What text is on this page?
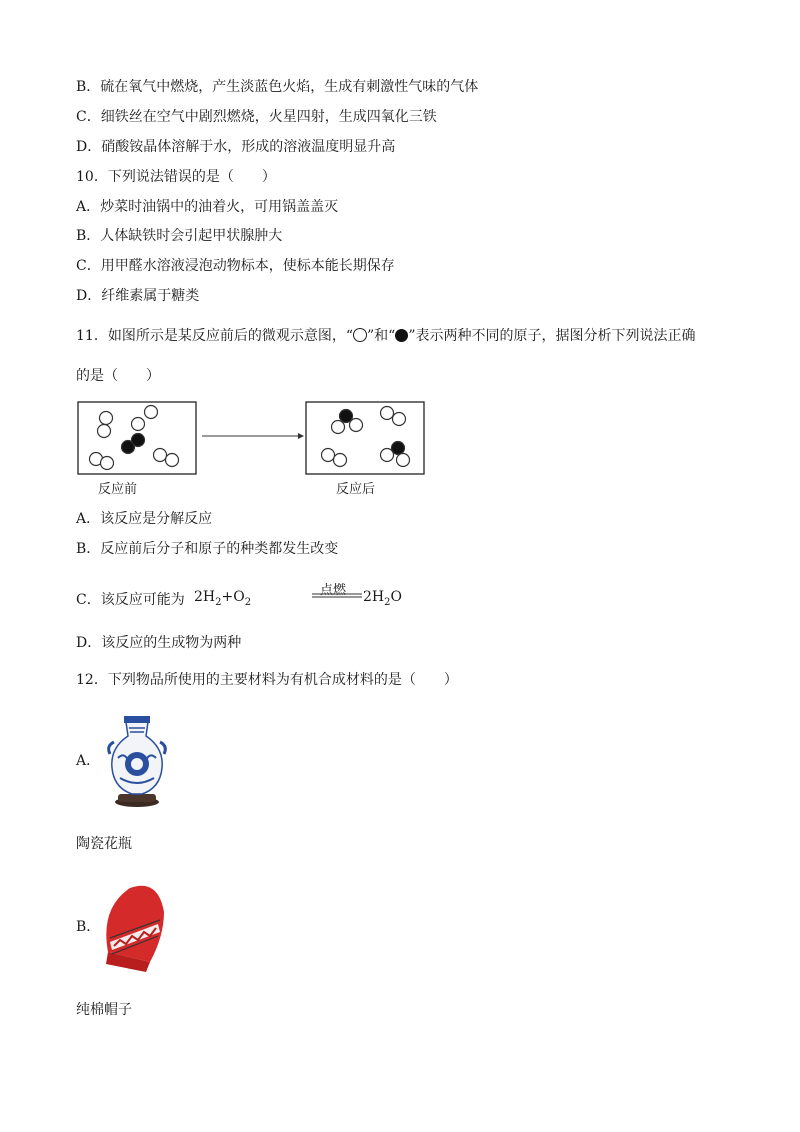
B．硫在氧气中燃烧，产生淡蓝色火焰，生成有刺激性气味的气体
C．细铁丝在空气中剧烈燃烧，火星四射，生成四氧化三铁
D．硝酸铵晶体溶解于水，形成的溶液温度明显升高
10．下列说法错误的是（　　）
A．炒菜时油锅中的油着火，可用锅盖盖灭
B．人体缺铁时会引起甲状腺肿大
C．用甲醛水溶液浸泡动物标本，使标本能长期保存
D．纤维素属于糖类
11．如图所示是某反应前后的微观示意图，“ ”和“ ”表示两种不同的原子，据图分析下列说法正确
的是（　　）
反应前	反应后
A．该反应是分解反应
B．反应前后分子和原子的种类都发生改变
C．该反应可能为 $2H_2+O_2$
点燃 $2H_2O$
D．该反应的生成物为两种
12．下列物品所使用的主要材料为有机合成材料的是（　　）
A．
陶瓷花瓶
B．
纯棉帽子
